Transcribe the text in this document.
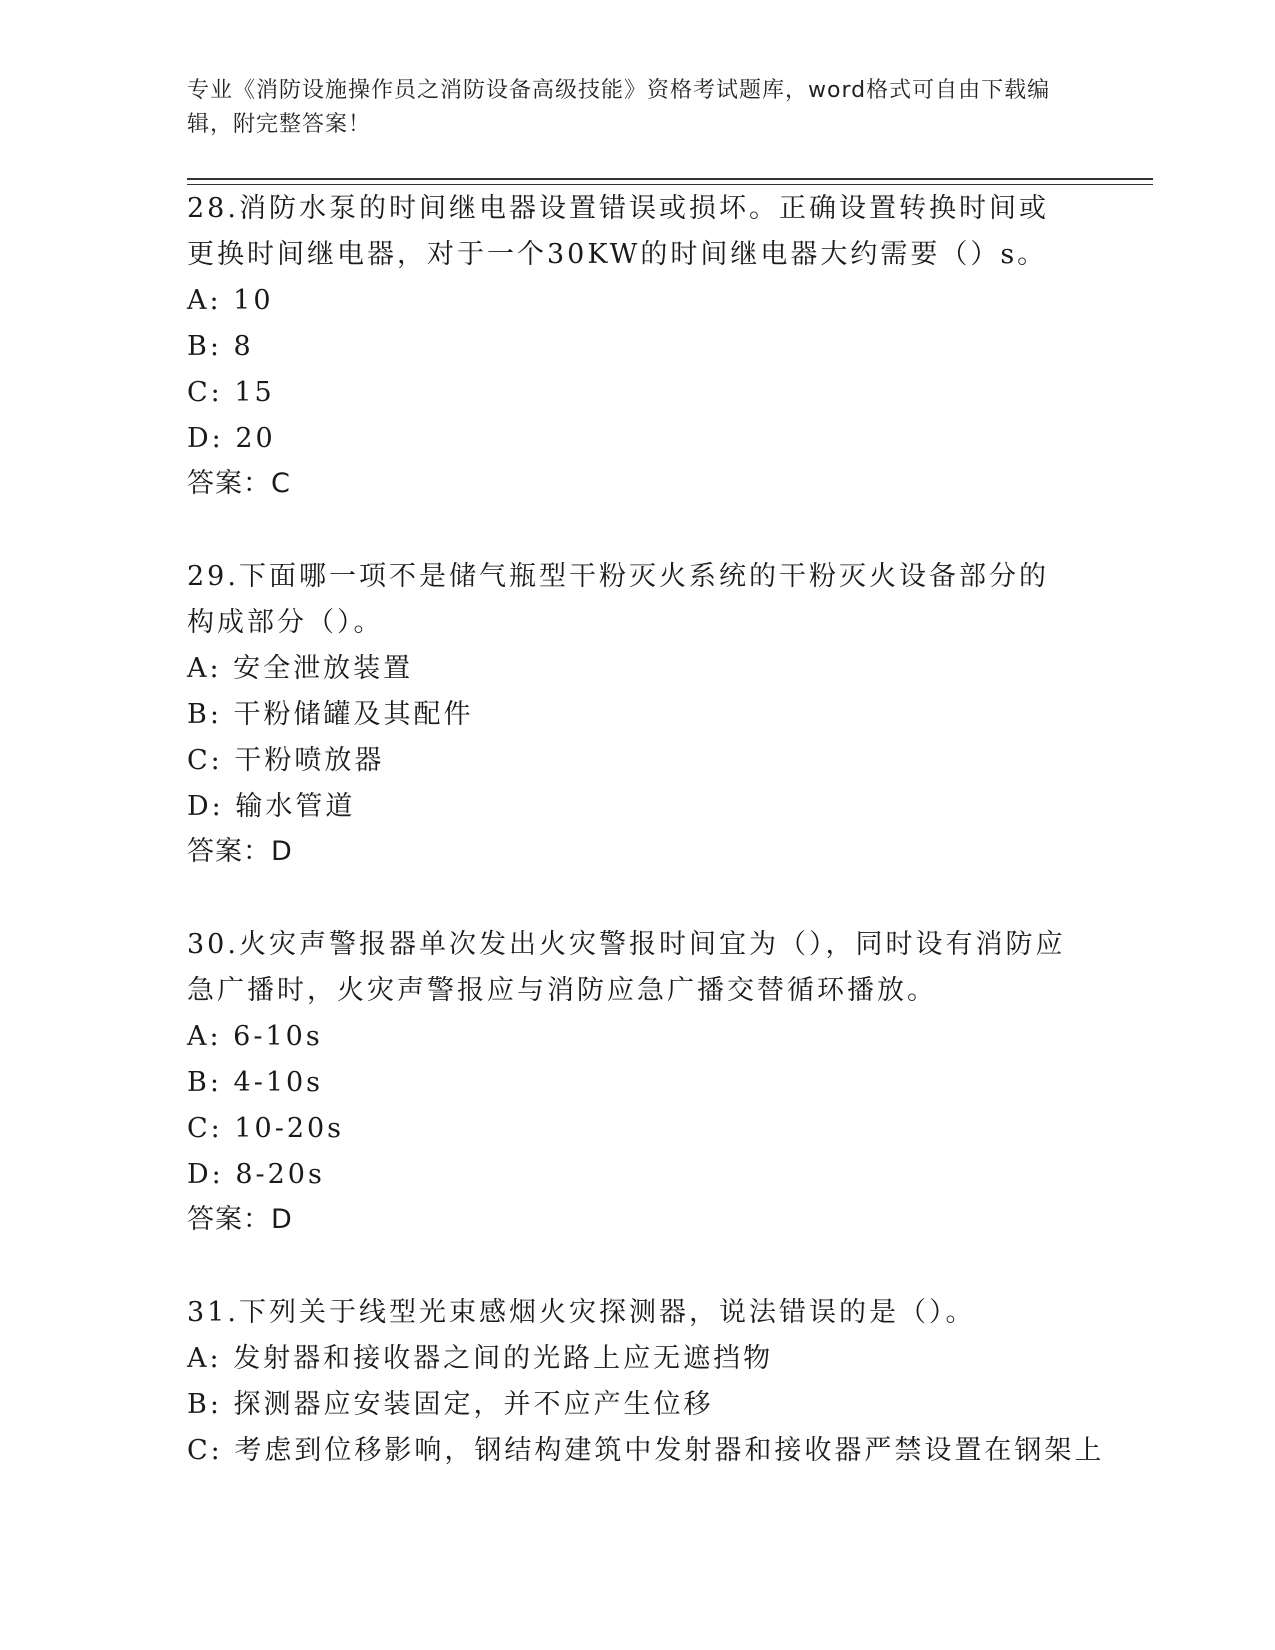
专业《消防设施操作员之消防设备高级技能》资格考试题库，word格式可自由下载编辑，附完整答案！

28.消防水泵的时间继电器设置错误或损坏。正确设置转换时间或更换时间继电器，对于一个30KW的时间继电器大约需要（）s。

A: 10

B: 8

C: 15

D: 20

答案：C

29.下面哪一项不是储气瓶型干粉灭火系统的干粉灭火设备部分的构成部分（）。

A: 安全泄放装置

B: 干粉储罐及其配件

C: 干粉喷放器

D: 输水管道

答案：D

30.火灾声警报器单次发出火灾警报时间宜为（），同时设有消防应急广播时，火灾声警报应与消防应急广播交替循环播放。

A: 6-10s

B: 4-10s

C: 10-20s

D: 8-20s

答案：D

31.下列关于线型光束感烟火灾探测器，说法错误的是（）。

A: 发射器和接收器之间的光路上应无遮挡物

B: 探测器应安装固定，并不应产生位移

C: 考虑到位移影响，钢结构建筑中发射器和接收器严禁设置在钢架上
